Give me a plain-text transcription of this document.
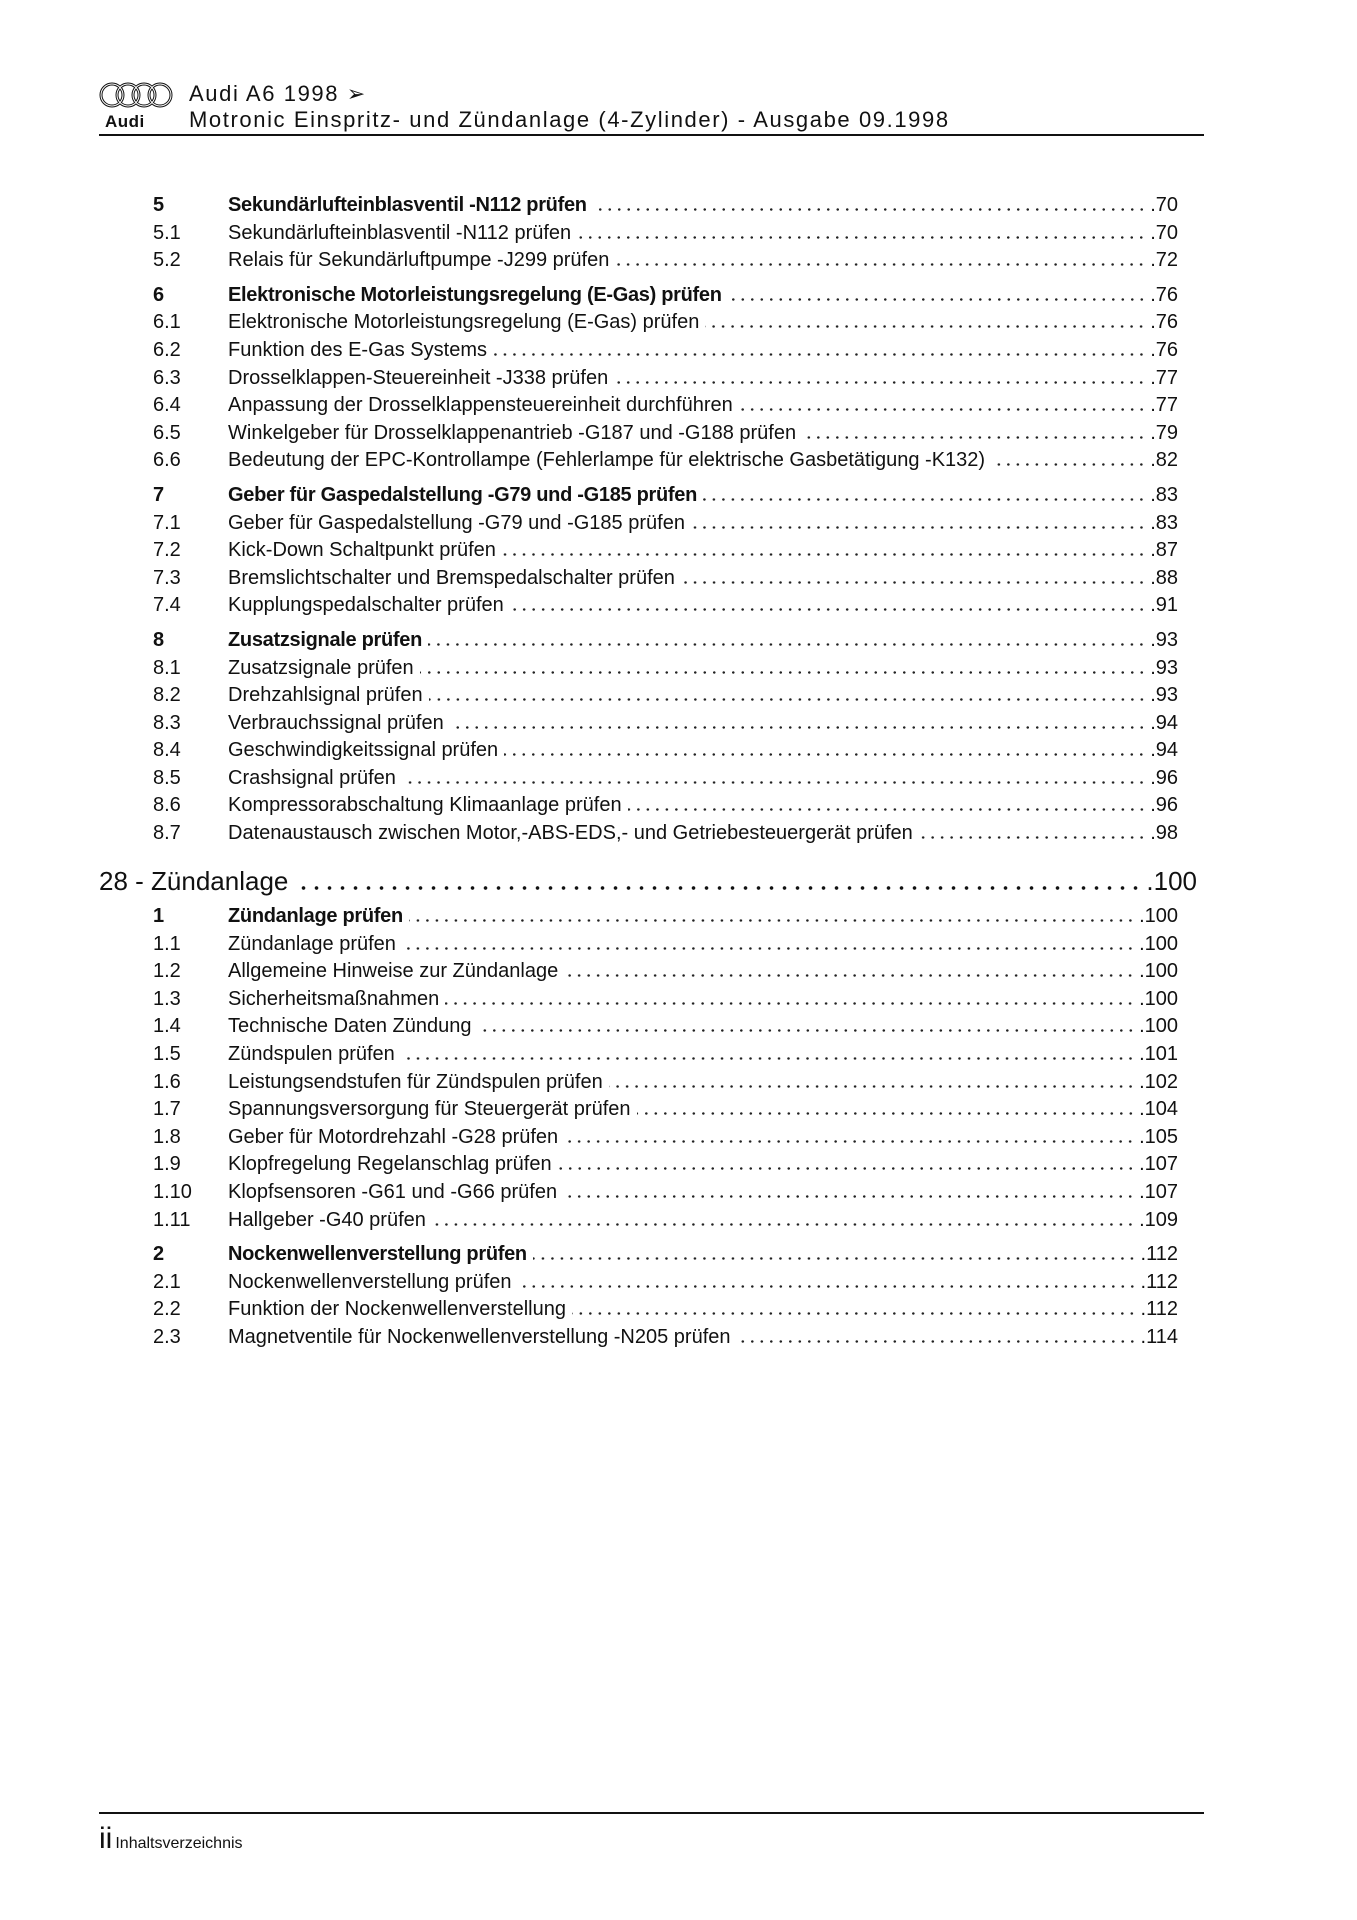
Audi
Audi A6 1998 ➢
Motronic Einspritz- und Zündanlage (4-Zylinder) - Ausgabe 09.1998
5	Sekundärlufteinblasventil -N112 prüfen	.70
5.1	Sekundärlufteinblasventil -N112 prüfen	.70
5.2	Relais für Sekundärluftpumpe -J299 prüfen	.72
6	Elektronische Motorleistungsregelung (E-Gas) prüfen	.76
6.1	Elektronische Motorleistungsregelung (E-Gas) prüfen	.76
6.2	Funktion des E-Gas Systems	.76
6.3	Drosselklappen-Steuereinheit -J338 prüfen	.77
6.4	Anpassung der Drosselklappensteuereinheit durchführen	.77
6.5	Winkelgeber für Drosselklappenantrieb -G187 und -G188 prüfen	.79
6.6	Bedeutung der EPC-Kontrollampe (Fehlerlampe für elektrische Gasbetätigung -K132)	.82
7	Geber für Gaspedalstellung -G79 und -G185 prüfen	.83
7.1	Geber für Gaspedalstellung -G79 und -G185 prüfen	.83
7.2	Kick-Down Schaltpunkt prüfen	.87
7.3	Bremslichtschalter und Bremspedalschalter prüfen	.88
7.4	Kupplungspedalschalter prüfen	.91
8	Zusatzsignale prüfen	.93
8.1	Zusatzsignale prüfen	.93
8.2	Drehzahlsignal prüfen	.93
8.3	Verbrauchssignal prüfen	.94
8.4	Geschwindigkeitssignal prüfen	.94
8.5	Crashsignal prüfen	.96
8.6	Kompressorabschaltung Klimaanlage prüfen	.96
8.7	Datenaustausch zwischen Motor,-ABS-EDS,- und Getriebesteuergerät prüfen	.98
28 - Zündanlage	.100
1	Zündanlage prüfen	.100
1.1	Zündanlage prüfen	.100
1.2	Allgemeine Hinweise zur Zündanlage	.100
1.3	Sicherheitsmaßnahmen	.100
1.4	Technische Daten Zündung	.100
1.5	Zündspulen prüfen	.101
1.6	Leistungsendstufen für Zündspulen prüfen	.102
1.7	Spannungsversorgung für Steuergerät prüfen	.104
1.8	Geber für Motordrehzahl -G28 prüfen	.105
1.9	Klopfregelung Regelanschlag prüfen	.107
1.10	Klopfsensoren -G61 und -G66 prüfen	.107
1.11	Hallgeber -G40 prüfen	.109
2	Nockenwellenverstellung prüfen	.112
2.1	Nockenwellenverstellung prüfen	.112
2.2	Funktion der Nockenwellenverstellung	.112
2.3	Magnetventile für Nockenwellenverstellung -N205 prüfen	.114
ii Inhaltsverzeichnis
